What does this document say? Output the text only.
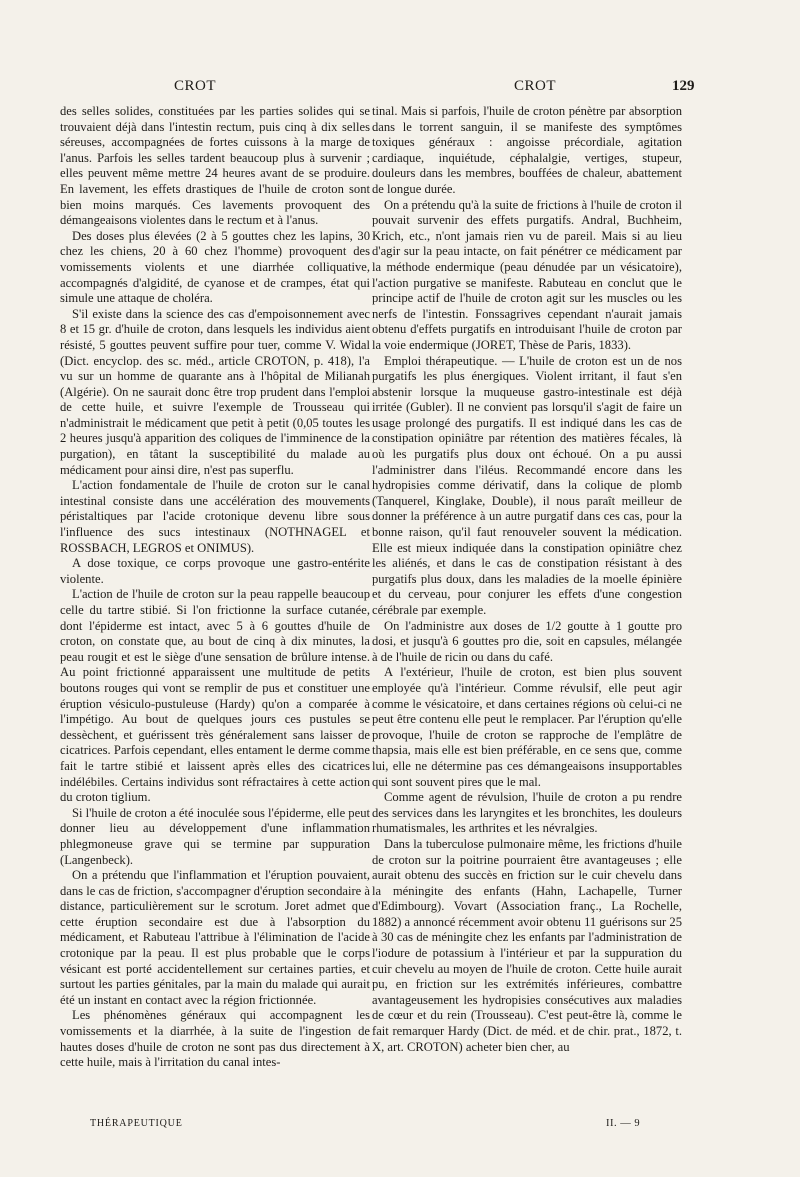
CROT	CROT	129

des selles solides, constituées par les parties solides qui se trouvaient déjà dans l'intestin rectum, puis cinq à dix selles séreuses, accompagnées de fortes cuissons à la marge de l'anus. Parfois les selles tardent beaucoup plus à survenir ; elles peuvent même mettre 24 heures avant de se produire. En lavement, les effets drastiques de l'huile de croton sont bien moins marqués. Ces lavements provoquent des démangeaisons violentes dans le rectum et à l'anus.

Des doses plus élevées (2 à 5 gouttes chez les lapins, 30 chez les chiens, 20 à 60 chez l'homme) provoquent des vomissements violents et une diarrhée colliquative, accompagnés d'algidité, de cyanose et de crampes, état qui simule une attaque de choléra.

S'il existe dans la science des cas d'empoisonnement avec 8 et 15 gr. d'huile de croton, dans lesquels les individus aient résisté, 5 gouttes peuvent suffire pour tuer, comme V. Widal (Dict. encyclop. des sc. méd., article CROTON, p. 418), l'a vu sur un homme de quarante ans à l'hôpital de Milianah (Algérie). On ne saurait donc être trop prudent dans l'emploi de cette huile, et suivre l'exemple de Trousseau qui n'administrait le médicament que petit à petit (0,05 toutes les 2 heures jusqu'à apparition des coliques de l'imminence de la purgation), en tâtant la susceptibilité du malade au médicament pour ainsi dire, n'est pas superflu.

L'action fondamentale de l'huile de croton sur le canal intestinal consiste dans une accélération des mouvements péristaltiques par l'acide crotonique devenu libre sous l'influence des sucs intestinaux (NOTHNAGEL et ROSSBACH, LEGROS et ONIMUS).

A dose toxique, ce corps provoque une gastro-entérite violente.

L'action de l'huile de croton sur la peau rappelle beaucoup celle du tartre stibié. Si l'on frictionne la surface cutanée, dont l'épiderme est intact, avec 5 à 6 gouttes d'huile de croton, on constate que, au bout de cinq à dix minutes, la peau rougit et est le siège d'une sensation de brûlure intense. Au point frictionné apparaissent une multitude de petits boutons rouges qui vont se remplir de pus et constituer une éruption vésiculo-pustuleuse (Hardy) qu'on a comparée à l'impétigo. Au bout de quelques jours ces pustules se dessèchent, et guérissent très généralement sans laisser de cicatrices. Parfois cependant, elles entament le derme comme fait le tartre stibié et laissent après elles des cicatrices indélébiles. Certains individus sont réfractaires à cette action du croton tiglium.

Si l'huile de croton a été inoculée sous l'épiderme, elle peut donner lieu au développement d'une inflammation phlegmoneuse grave qui se termine par suppuration (Langenbeck).

On a prétendu que l'inflammation et l'éruption pouvaient, dans le cas de friction, s'accompagner d'éruption secondaire à distance, particulièrement sur le scrotum. Joret admet que cette éruption secondaire est due à l'absorption du médicament, et Rabuteau l'attribue à l'élimination de l'acide crotonique par la peau. Il est plus probable que le corps vésicant est porté accidentellement sur certaines parties, et surtout les parties génitales, par la main du malade qui aurait été un instant en contact avec la région frictionnée.

Les phénomènes généraux qui accompagnent les vomissements et la diarrhée, à la suite de l'ingestion de hautes doses d'huile de croton ne sont pas dus directement à cette huile, mais à l'irritation du canal intes-

tinal. Mais si parfois, l'huile de croton pénètre par absorption dans le torrent sanguin, il se manifeste des symptômes toxiques généraux : angoisse précordiale, agitation cardiaque, inquiétude, céphalalgie, vertiges, stupeur, douleurs dans les membres, bouffées de chaleur, abattement de longue durée.

On a prétendu qu'à la suite de frictions à l'huile de croton il pouvait survenir des effets purgatifs. Andral, Buchheim, Krich, etc., n'ont jamais rien vu de pareil. Mais si au lieu d'agir sur la peau intacte, on fait pénétrer ce médicament par la méthode endermique (peau dénudée par un vésicatoire), l'action purgative se manifeste. Rabuteau en conclut que le principe actif de l'huile de croton agit sur les muscles ou les nerfs de l'intestin. Fonssagrives cependant n'aurait jamais obtenu d'effets purgatifs en introduisant l'huile de croton par la voie endermique (JORET, Thèse de Paris, 1833).

Emploi thérapeutique. — L'huile de croton est un de nos purgatifs les plus énergiques. Violent irritant, il faut s'en abstenir lorsque la muqueuse gastro-intestinale est déjà irritée (Gubler). Il ne convient pas lorsqu'il s'agit de faire un usage prolongé des purgatifs. Il est indiqué dans les cas de constipation opiniâtre par rétention des matières fécales, là où les purgatifs plus doux ont échoué. On a pu aussi l'administrer dans l'iléus. Recommandé encore dans les hydropisies comme dérivatif, dans la colique de plomb (Tanquerel, Kinglake, Double), il nous paraît meilleur de donner la préférence à un autre purgatif dans ces cas, pour la bonne raison, qu'il faut renouveler souvent la médication. Elle est mieux indiquée dans la constipation opiniâtre chez les aliénés, et dans le cas de constipation résistant à des purgatifs plus doux, dans les maladies de la moelle épinière et du cerveau, pour conjurer les effets d'une congestion cérébrale par exemple.

On l'administre aux doses de 1/2 goutte à 1 goutte pro dosi, et jusqu'à 6 gouttes pro die, soit en capsules, mélangée à de l'huile de ricin ou dans du café.

A l'extérieur, l'huile de croton, est bien plus souvent employée qu'à l'intérieur. Comme révulsif, elle peut agir comme le vésicatoire, et dans certaines régions où celui-ci ne peut être contenu elle peut le remplacer. Par l'éruption qu'elle provoque, l'huile de croton se rapproche de l'emplâtre de thapsia, mais elle est bien préférable, en ce sens que, comme lui, elle ne détermine pas ces démangeaisons insupportables qui sont souvent pires que le mal.

Comme agent de révulsion, l'huile de croton a pu rendre des services dans les laryngites et les bronchites, les douleurs rhumatismales, les arthrites et les névralgies.

Dans la tuberculose pulmonaire même, les frictions d'huile de croton sur la poitrine pourraient être avantageuses ; elle aurait obtenu des succès en friction sur le cuir chevelu dans la méningite des enfants (Hahn, Lachapelle, Turner d'Edimbourg). Vovart (Association franç., La Rochelle, 1882) a annoncé récemment avoir obtenu 11 guérisons sur 25 à 30 cas de méningite chez les enfants par l'administration de l'iodure de potassium à l'intérieur et par la suppuration du cuir chevelu au moyen de l'huile de croton. Cette huile aurait pu, en friction sur les extrémités inférieures, combattre avantageusement les hydropisies consécutives aux maladies de cœur et du rein (Trousseau). C'est peut-être là, comme le fait remarquer Hardy (Dict. de méd. et de chir. prat., 1872, t. X, art. CROTON) acheter bien cher, au

THÉRAPEUTIQUE	II. — 9
